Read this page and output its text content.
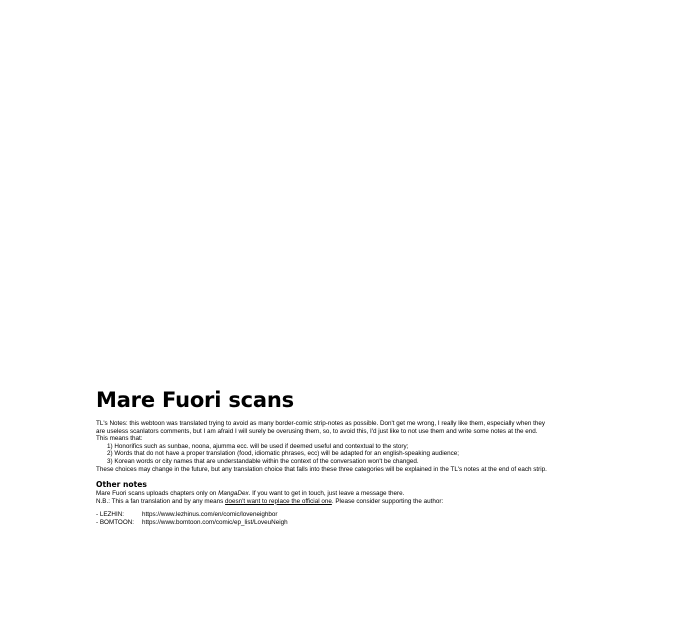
Mare Fuori scans

TL's Notes: this webtoon was translated trying to avoid as many border-comic strip-notes as possible. Don't get me wrong, I really like them, especially when they

are useless scanlators comments, but I am afraid I will surely be overusing them, so, to avoid this, I'd just like to not use them and write some notes at the end.

This means that:

1) Honorifics such as sunbae, noona, ajumma ecc. will be used if deemed useful and contextual to the story;

2) Words that do not have a proper translation (food, idiomatic phrases, ecc) will be adapted for an english-speaking audience;

3) Korean words or city names that are understandable within the context of the conversation won't be changed.

These choices may change in the future, but any translation choice that falls into these three categories will be explained in the TL's notes at the end of each strip.

Other notes

Mare Fuori scans uploads chapters only on MangaDex. If you want to get in touch, just leave a message there.

N.B.: This a fan translation and by any means doesn't want to replace the official one. Please consider supporting the author:

- LEZHIN:	https://www.lezhinus.com/en/comic/loveneighbor
- BOMTOON:	https://www.bomtoon.com/comic/ep_list/LoveuNeigh
